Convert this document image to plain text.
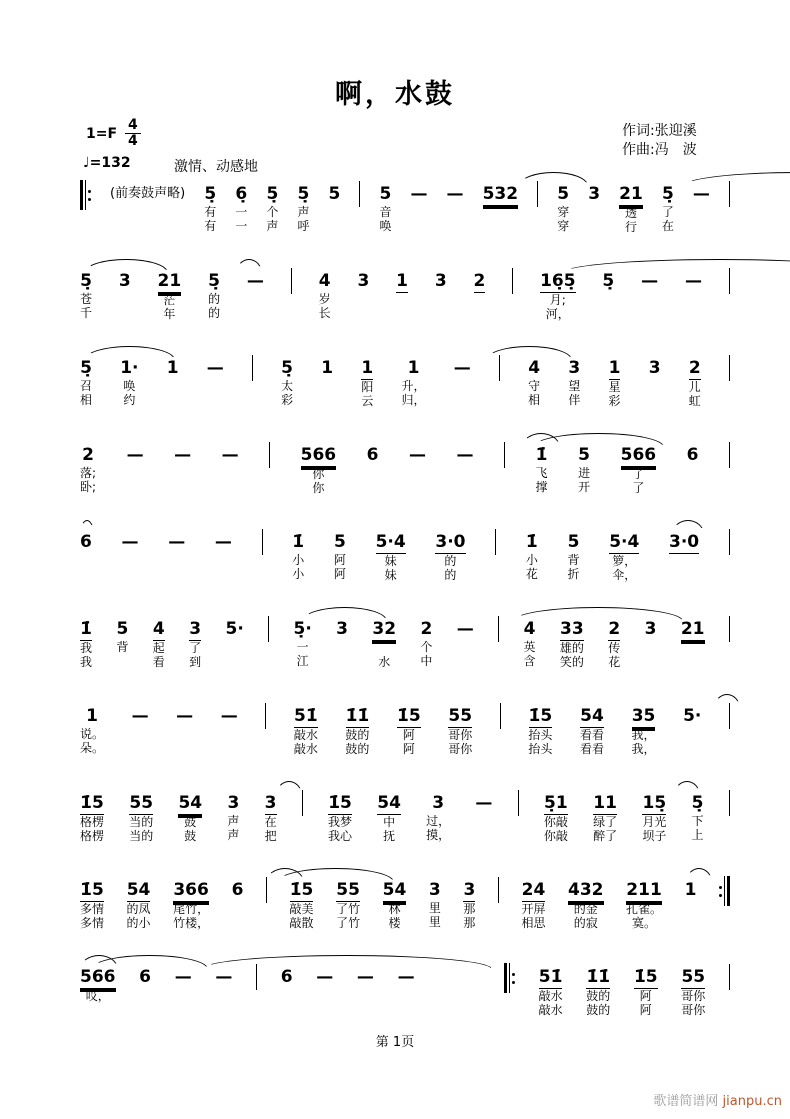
啊，水鼓
$1=F \frac{4}{4}$
♩=132	激情、动感地
作词:张迎溪
作曲:冯　波
(前奏鼓声略) 5̣
有
有
6̣
一
一
5̣
个
声
5̣
声
呼
5

5
音
唤
—

—

532

5
穿
穿
3

21
透
行
5̣
了
在
—

5̣
苍
千
3

21
茫
年
5̣
的
的
—

	4
岁
长
3

1

3

2

	16̣5̣
月;
河，
5̣

—

—

5̣
召
相
1·
唤
约
1

—

	5̣
太
彩
1

1
阳
云
1
升，
归，
—

	4
守
相
3
望
伴
1
星
彩
3

2
儿
虹
2
落;
卧;
—

—

—

	566
你
你
6

—

—

	1̇
飞
撑
5
进
开
566
了
了
6

6

—

—

—

	1̇
小
小
5
阿
阿
5·4
妹
妹
3·0
的
的
1̇
小
花
5
背
折
5·4
箩，
伞，
3·0

1̇
我
我
5
背

4
起
看
3
了
到
5·

	5̣·
一
江
3

32

水
2
个
中
—

	4
英
含
33
雄的
笑的
2
传
花
3

21

1
说。
朵。
—

—

—

	51̇
敲水
敲水
1̇1̇
鼓的
鼓的
1̇5
阿
阿
55
哥你
哥你
1̇5
抬头
抬头
54
看看
看看
35
我，
我，
5·

1̇5
格楞
格楞
55
当的
当的
54
鼓
鼓
3
声
声
3
在
把
1̇5
我梦
我心
54
中
抚
3
过，
摸，
—

	5̣1
你敲
你敲
11
绿了
醉了
15̣
月光
坝子
5̣
下
上
1̇5
多情
多情
54
的凤
的小
366
尾竹，
竹楼，
6

	1̇5
敲美
敲散
55
了竹
了竹
54
林
楼
3
里
里
3
那
那
24
开屏
相思
432
的金
的寂
211
孔雀。
寞。
1

566
哎，

6

—

—

	6

—

—

—

	51̇
敲水
敲水
1̇1̇
鼓的
鼓的
1̇5
阿
阿
55
哥你
哥你
第 1页
歌谱简谱网 jianpu.cn
